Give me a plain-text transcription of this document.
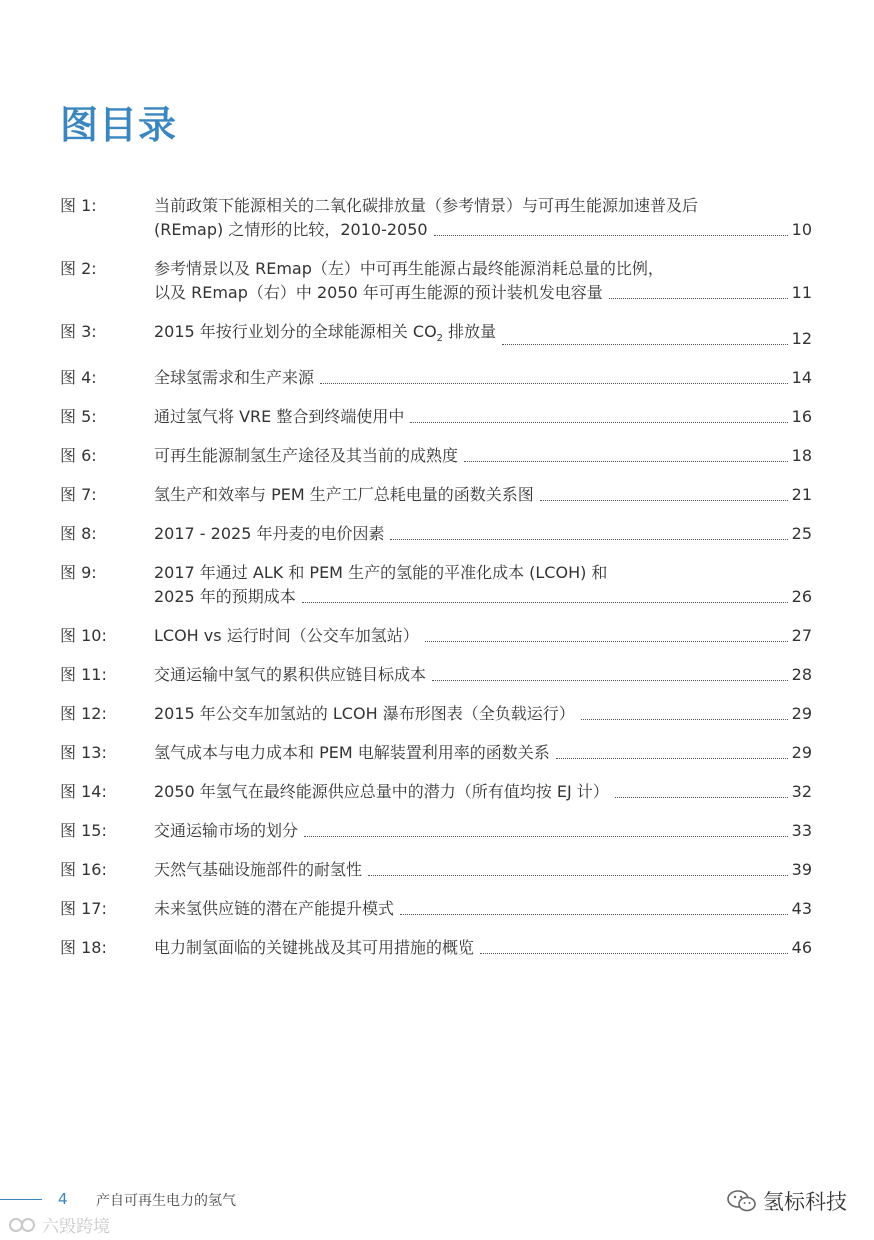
图目录
图 1:	当前政策下能源相关的二氧化碳排放量（参考情景）与可再生能源加速普及后
(REmap) 之情形的比较，2010-2050	10
图 2:	参考情景以及 REmap（左）中可再生能源占最终能源消耗总量的比例，
以及 REmap（右）中 2050 年可再生能源的预计装机发电容量	11
图 3:	2015 年按行业划分的全球能源相关 $CO_2$ 排放量	12
图 4:	全球氢需求和生产来源	14
图 5:	通过氢气将 VRE 整合到终端使用中	16
图 6:	可再生能源制氢生产途径及其当前的成熟度	18
图 7:	氢生产和效率与 PEM 生产工厂总耗电量的函数关系图	21
图 8:	2017 - 2025 年丹麦的电价因素	25
图 9:	2017 年通过 ALK 和 PEM 生产的氢能的平准化成本 (LCOH) 和
2025 年的预期成本	26
图 10:	LCOH vs 运行时间（公交车加氢站）	27
图 11:	交通运输中氢气的累积供应链目标成本	28
图 12:	2015 年公交车加氢站的 LCOH 瀑布形图表（全负载运行）	29
图 13:	氢气成本与电力成本和 PEM 电解装置利用率的函数关系	29
图 14:	2050 年氢气在最终能源供应总量中的潜力（所有值均按 EJ 计）	32
图 15:	交通运输市场的划分	33
图 16:	天然气基础设施部件的耐氢性	39
图 17:	未来氢供应链的潜在产能提升模式	43
图 18:	电力制氢面临的关键挑战及其可用措施的概览	46
4 产自可再生电力的氢气	氢标科技
六毁跨境
